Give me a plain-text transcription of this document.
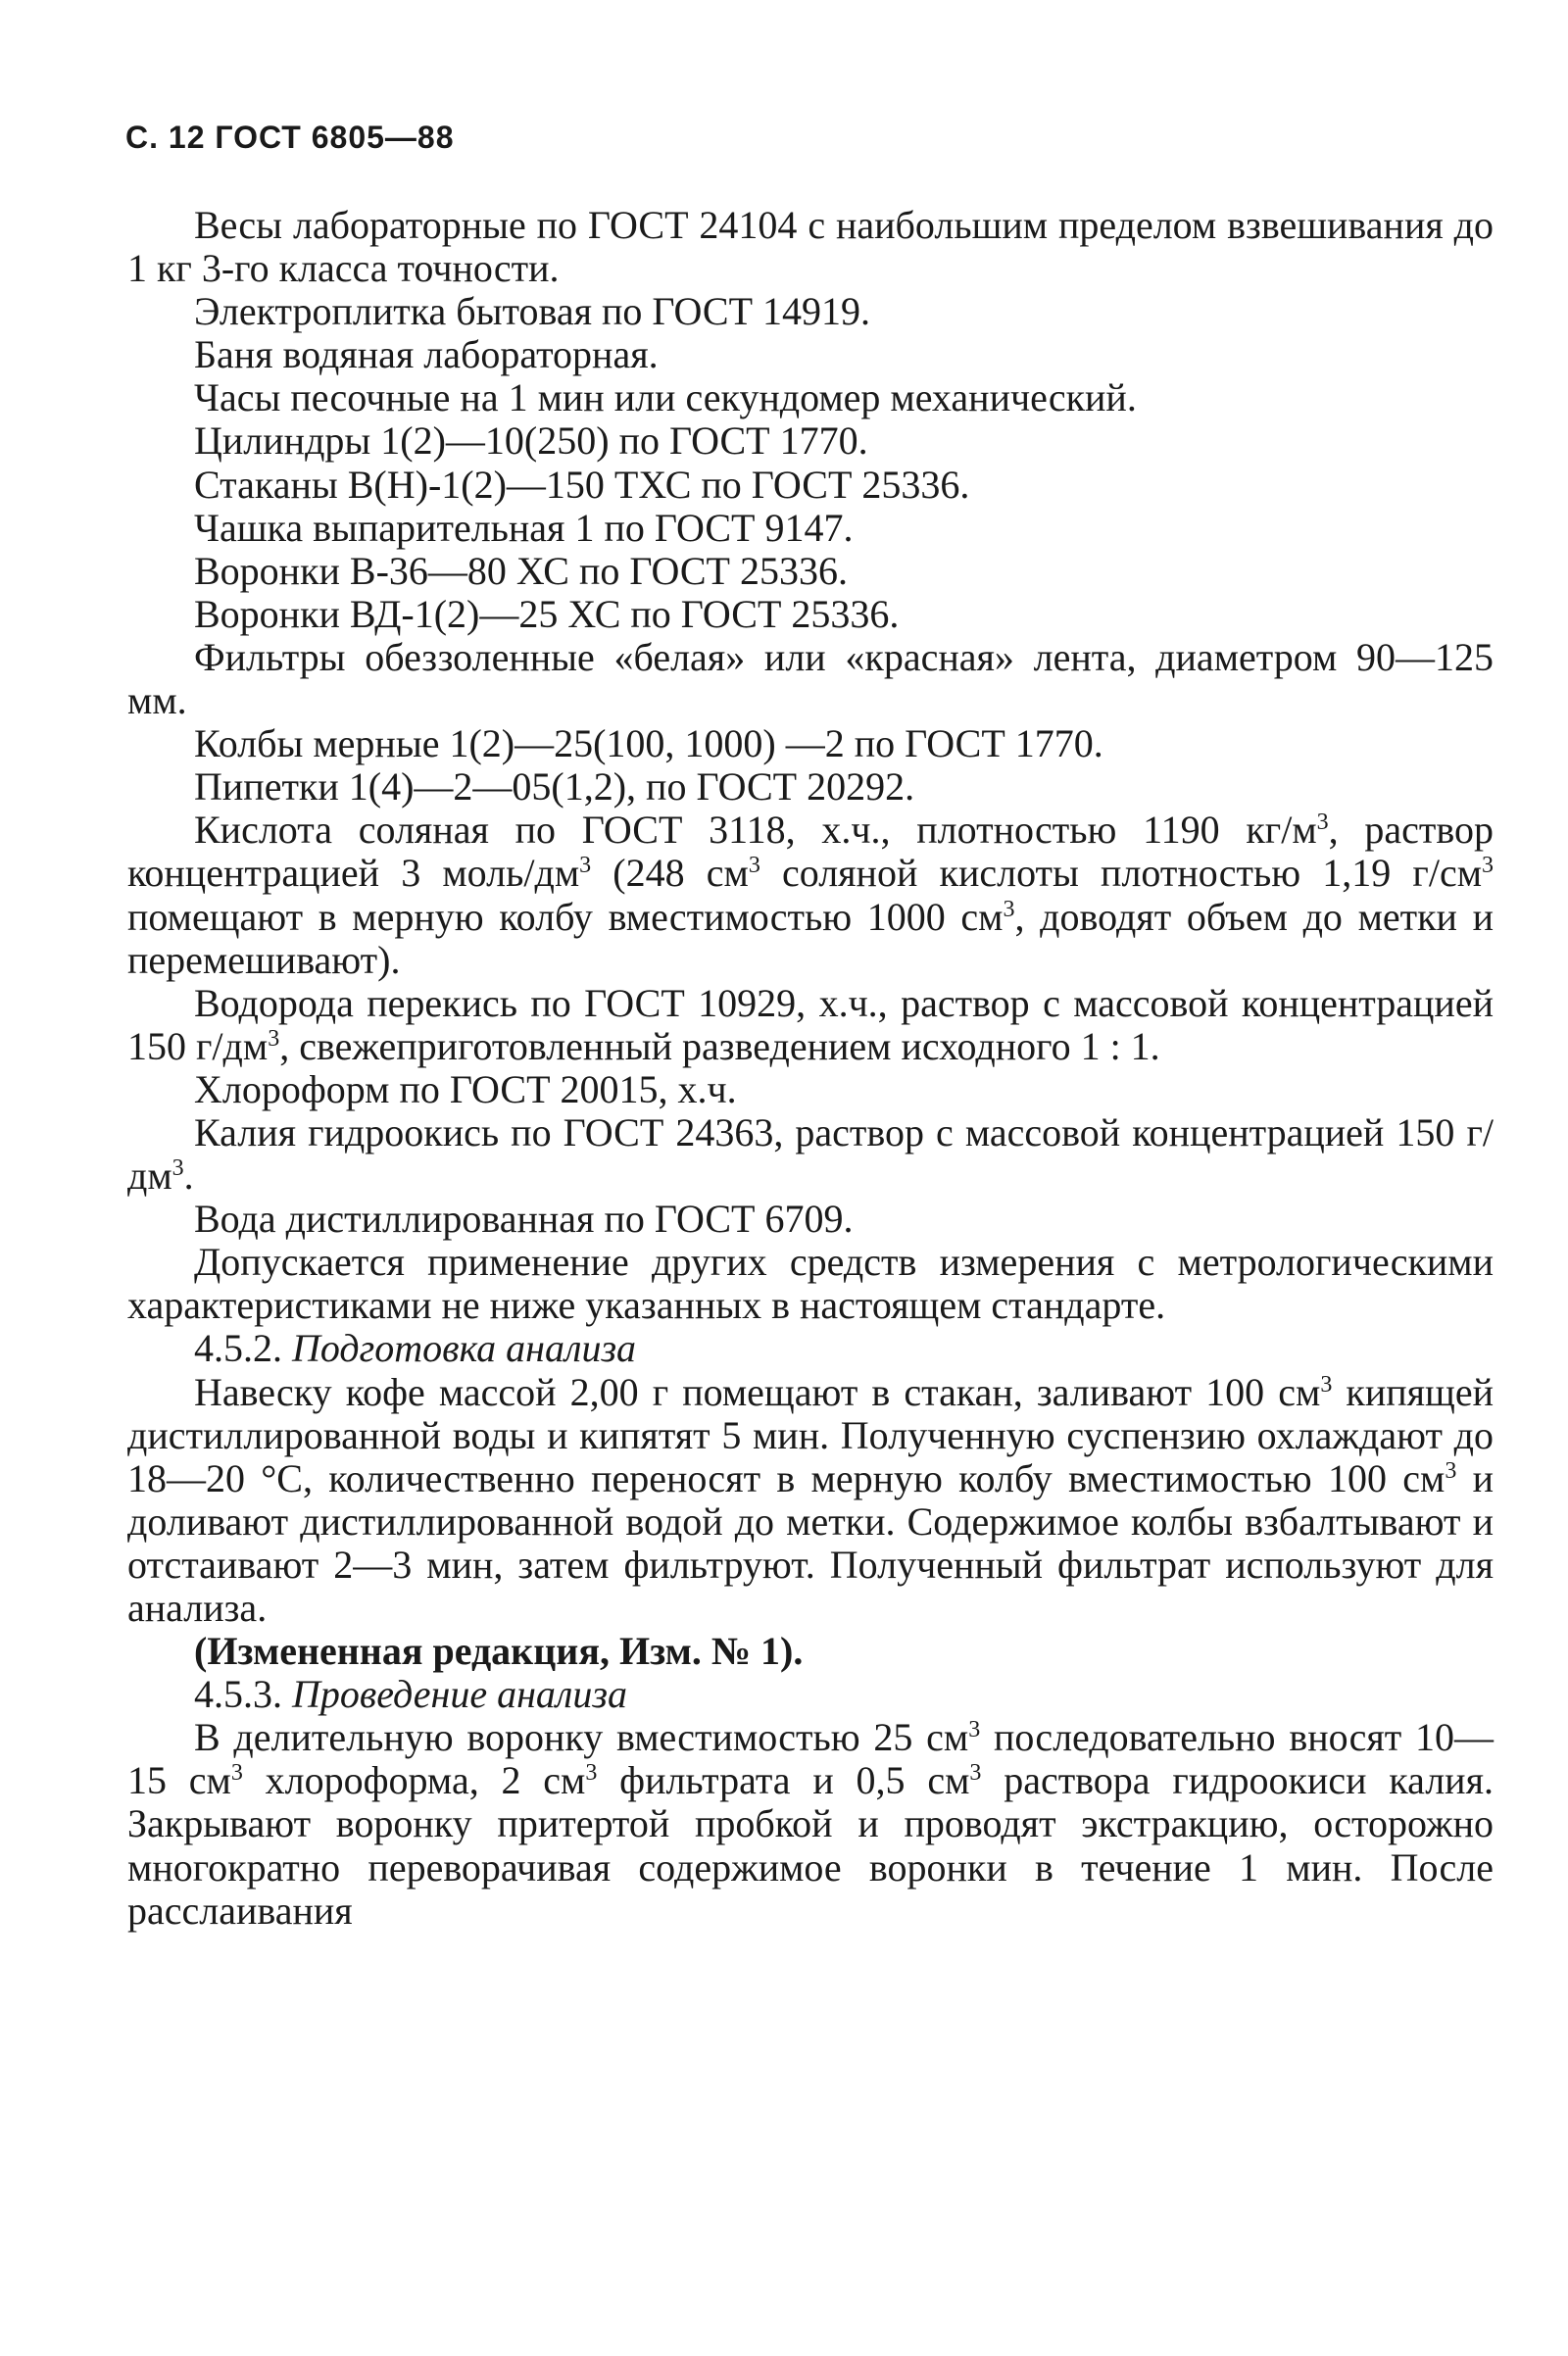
С. 12 ГОСТ 6805—88

Весы лабораторные по ГОСТ 24104 с наибольшим пределом взвешивания до 1 кг 3-го класса точности.

Электроплитка бытовая по ГОСТ 14919.

Баня водяная лабораторная.

Часы песочные на 1 мин или секундомер механический.

Цилиндры 1(2)—10(250) по ГОСТ 1770.

Стаканы В(Н)-1(2)—150 ТХС по ГОСТ 25336.

Чашка выпарительная 1 по ГОСТ 9147.

Воронки В-36—80 ХС по ГОСТ 25336.

Воронки ВД-1(2)—25 ХС по ГОСТ 25336.

Фильтры обеззоленные «белая» или «красная» лента, диаметром 90—125 мм.

Колбы мерные 1(2)—25(100, 1000) —2 по ГОСТ 1770.

Пипетки 1(4)—2—05(1,2), по ГОСТ 20292.

Кислота соляная по ГОСТ 3118, х.ч., плотностью 1190 $кг/м^3$, раствор концентрацией 3 моль/$дм^3$ (248 $см^3$ соляной кислоты плотностью 1,19 $г/см^3$ помещают в мерную колбу вместимостью 1000 $см^3$, доводят объем до метки и перемешивают).

Водорода перекись по ГОСТ 10929, х.ч., раствор с массовой концентрацией 150 $г/дм^3$, свежеприготовленный разведением исходного 1 : 1.

Хлороформ по ГОСТ 20015, х.ч.

Калия гидроокись по ГОСТ 24363, раствор с массовой концентрацией 150 $г/дм^3$.

Вода дистиллированная по ГОСТ 6709.

Допускается применение других средств измерения с метрологическими характеристиками не ниже указанных в настоящем стандарте.

4.5.2. Подготовка анализа

Навеску кофе массой 2,00 г помещают в стакан, заливают 100 $см^3$ кипящей дистиллированной воды и кипятят 5 мин. Полученную суспензию охлаждают до 18—20 °С, количественно переносят в мерную колбу вместимостью 100 $см^3$ и доливают дистиллированной водой до метки. Содержимое колбы взбалтывают и отстаивают 2—3 мин, затем фильтруют. Полученный фильтрат используют для анализа.

(Измененная редакция, Изм. № 1).

4.5.3. Проведение анализа

В делительную воронку вместимостью 25 $см^3$ последовательно вносят 10—15 $см^3$ хлороформа, 2 $см^3$ фильтрата и 0,5 $см^3$ раствора гидроокиси калия. Закрывают воронку притертой пробкой и проводят экстракцию, осторожно многократно переворачивая содержимое воронки в течение 1 мин. После расслаивания
